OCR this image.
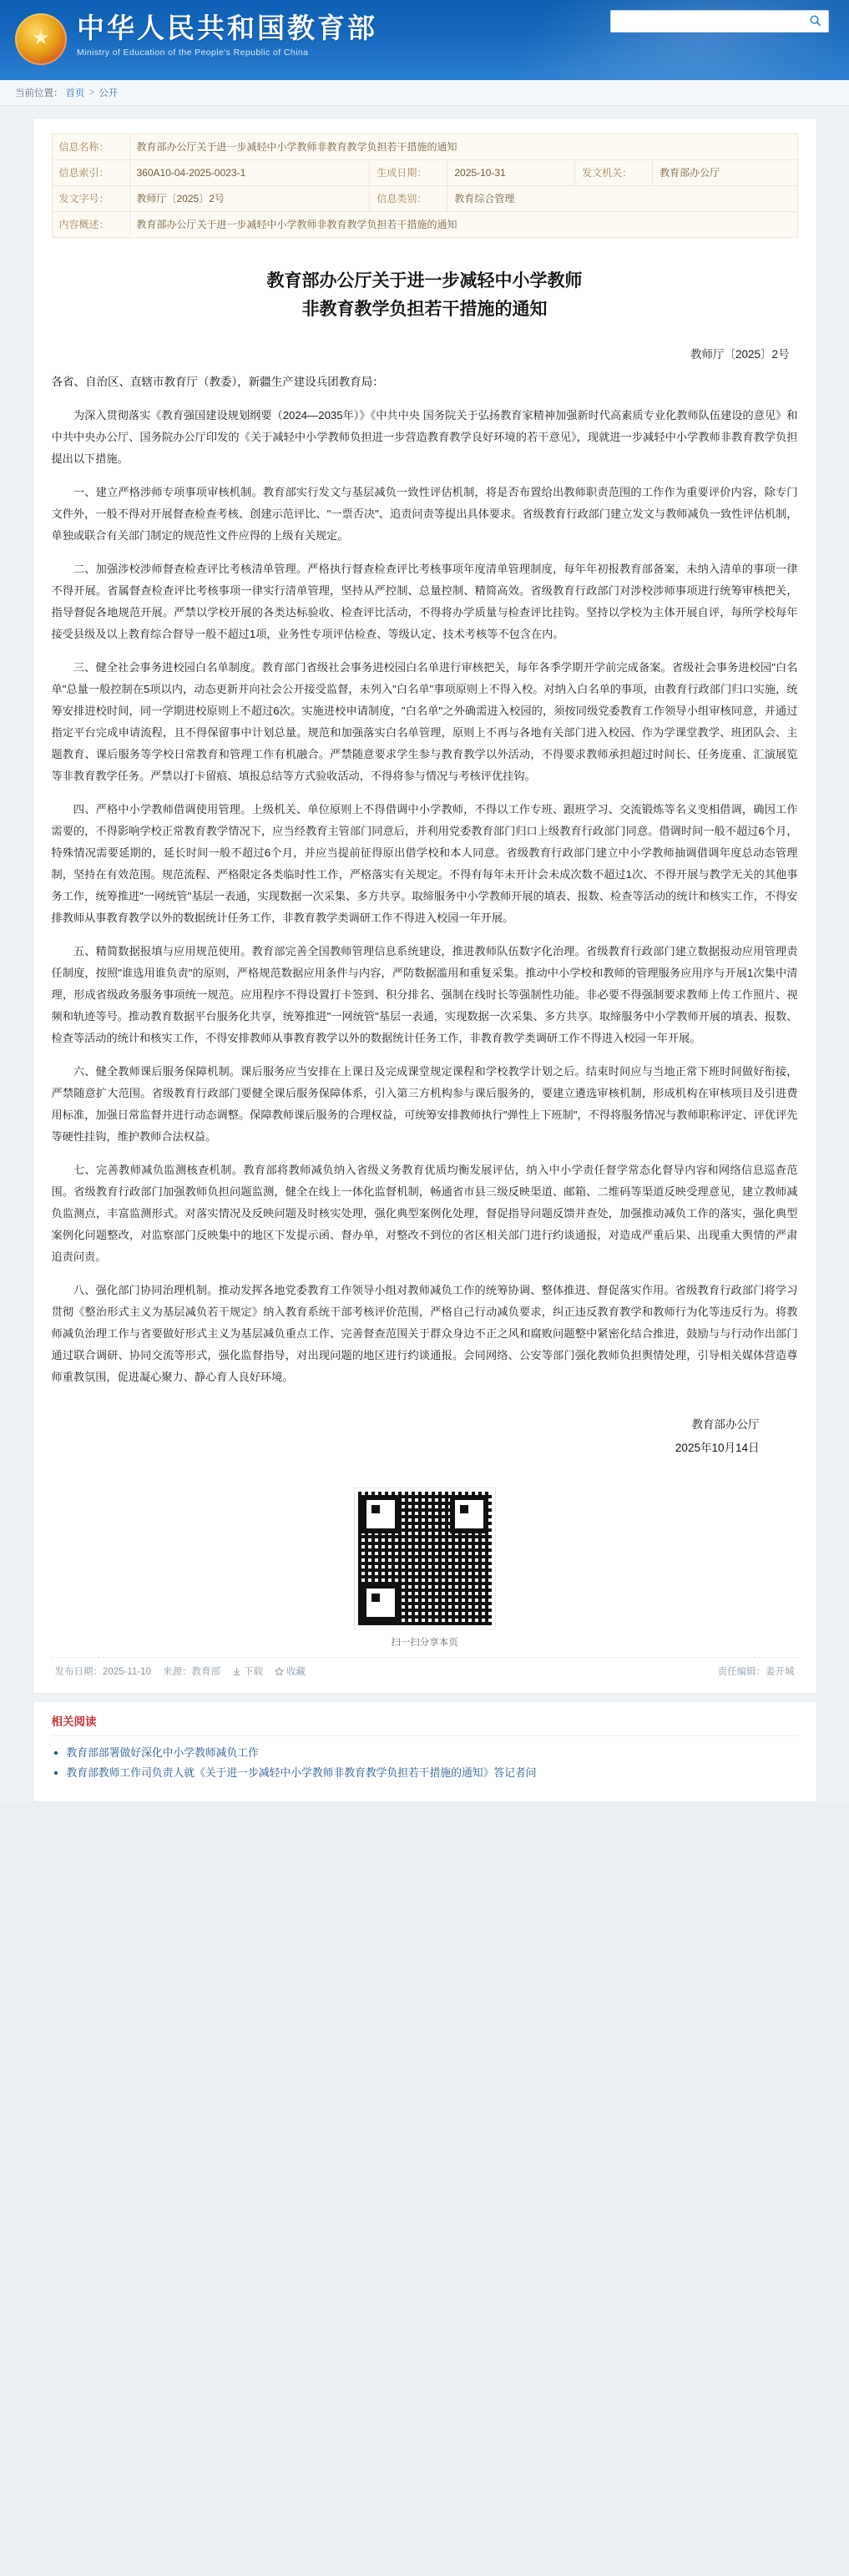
★ 中华人民共和国教育部
Ministry of Education of the People's Republic of China
当前位置： 首页 > 公开
信息名称：	教育部办公厅关于进一步减轻中小学教师非教育教学负担若干措施的通知				
信息索引：	360A10-04-2025-0023-1	生成日期：	2025-10-31	发文机关：	教育部办公厅
发文字号：	教师厅〔2025〕2号	信息类别：	教育综合管理		
内容概述：	教育部办公厅关于进一步减轻中小学教师非教育教学负担若干措施的通知				
教育部办公厅关于进一步减轻中小学教师
非教育教学负担若干措施的通知
教师厅〔2025〕2号
各省、自治区、直辖市教育厅（教委），新疆生产建设兵团教育局：

为深入贯彻落实《教育强国建设规划纲要（2024—2035年）》《中共中央 国务院关于弘扬教育家精神加强新时代高素质专业化教师队伍建设的意见》和中共中央办公厅、国务院办公厅印发的《关于减轻中小学教师负担进一步营造教育教学良好环境的若干意见》，现就进一步减轻中小学教师非教育教学负担提出以下措施。

一、建立严格涉师专项事项审核机制。教育部实行发文与基层减负一致性评估机制，将是否布置给出教师职责范围的工作作为重要评价内容，除专门文件外，一般不得对开展督查检查考核、创建示范评比、"一票否决"、追责问责等提出具体要求。省级教育行政部门建立发文与教师减负一致性评估机制，单独或联合有关部门制定的规范性文件应得的上级有关规定。

二、加强涉校涉师督查检查评比考核清单管理。严格执行督查检查评比考核事项年度清单管理制度，每年年初报教育部备案，未纳入清单的事项一律不得开展。省属督查检查评比考核事项一律实行清单管理，坚持从严控制、总量控制、精简高效。省级教育行政部门对涉校涉师事项进行统筹审核把关，指导督促各地规范开展。严禁以学校开展的各类达标验收、检查评比活动，不得将办学质量与检查评比挂钩。坚持以学校为主体开展自评，每所学校每年接受县级及以上教育综合督导一般不超过1项，业务性专项评估检查、等级认定、技术考核等不包含在内。

三、健全社会事务进校园白名单制度。教育部门省级社会事务进校园白名单进行审核把关，每年各季学期开学前完成备案。省级社会事务进校园"白名单"总量一般控制在5项以内，动态更新并向社会公开接受监督，未列入"白名单"事项原则上不得入校。对纳入白名单的事项，由教育行政部门归口实施，统筹安排进校时间，同一学期进校原则上不超过6次。实施进校申请制度，"白名单"之外确需进入校园的，须按同级党委教育工作领导小组审核同意，并通过指定平台完成申请流程，且不得保留事中计划总量。规范和加强落实白名单管理，原则上不再与各地有关部门进入校园、作为学课堂教学、班团队会、主题教育、课后服务等学校日常教育和管理工作有机融合。严禁随意要求学生参与教育教学以外活动，不得要求教师承担超过时间长、任务庞重、汇演展览等非教育教学任务。严禁以打卡留痕、填报总结等方式验收活动，不得将参与情况与考核评优挂钩。

四、严格中小学教师借调使用管理。上级机关、单位原则上不得借调中小学教师，不得以工作专班、跟班学习、交流锻炼等名义变相借调，确因工作需要的，不得影响学校正常教育教学情况下，应当经教育主管部门同意后，并利用党委教育部门归口上级教育行政部门同意。借调时间一般不超过6个月，特殊情况需要延期的，延长时间一般不超过6个月，并应当提前征得原出借学校和本人同意。省级教育行政部门建立中小学教师抽调借调年度总动态管理制，坚持在有效范围。规范流程、严格限定各类临时性工作，严格落实有关规定。不得有每年未开计会未成次数不超过1次、不得开展与教学无关的其他事务工作，统筹推进"一网统管"基层一表通，实现数据一次采集、多方共享。取缔服务中小学教师开展的填表、报数、检查等活动的统计和核实工作，不得安排教师从事教育教学以外的数据统计任务工作，非教育教学类调研工作不得进入校园一年开展。

五、精简数据报填与应用规范使用。教育部完善全国教师管理信息系统建设，推进教师队伍数字化治理。省级教育行政部门建立数据报动应用管理责任制度，按照"谁选用谁负责"的原则，严格规范数据应用条件与内容，严防数据滥用和重复采集。推动中小学校和教师的管理服务应用序与开展1次集中清理，形成省级政务服务事项统一规范。应用程序不得设置打卡签到、积分排名、强制在线时长等强制性功能。非必要不得强制要求教师上传工作照片、视频和轨迹等号。推动教育数据平台服务化共享，统筹推进"一网统管"基层一表通，实现数据一次采集、多方共享。取缔服务中小学教师开展的填表、报数、检查等活动的统计和核实工作，不得安排教师从事教育教学以外的数据统计任务工作，非教育教学类调研工作不得进入校园一年开展。

六、健全教师课后服务保障机制。课后服务应当安排在上课日及完成课堂规定课程和学校教学计划之后。结束时间应与当地正常下班时间做好衔接，严禁随意扩大范围。省级教育行政部门要健全课后服务保障体系，引入第三方机构参与课后服务的，要建立遴选审核机制，形成机构在审核项目及引进费用标准，加强日常监督并进行动态调整。保障教师课后服务的合理权益，可统筹安排教师执行"弹性上下班制"，不得将服务情况与教师职称评定、评优评先等硬性挂钩，维护教师合法权益。

七、完善教师减负监测核查机制。教育部将教师减负纳入省级义务教育优质均衡发展评估，纳入中小学责任督学常态化督导内容和网络信息巡查范围。省级教育行政部门加强教师负担问题监测，健全在线上一体化监督机制，畅通省市县三级反映渠道、邮箱、二维码等渠道反映受理意见，建立教师减负监测点，丰富监测形式。对落实情况及反映问题及时核实处理，强化典型案例化处理，督促指导问题反馈并查处，加强推动减负工作的落实，强化典型案例化问题整改，对监察部门反映集中的地区下发提示函、督办单，对整改不到位的省区相关部门进行约谈通报，对造成严重后果、出现重大舆情的严肃追责问责。

八、强化部门协同治理机制。推动发挥各地党委教育工作领导小组对教师减负工作的统筹协调、整体推进、督促落实作用。省级教育行政部门将学习贯彻《整治形式主义为基层减负若干规定》纳入教育系统干部考核评价范围，严格自己行动减负要求，纠正违反教育教学和教师行为化等违反行为。将教师减负治理工作与省要做好形式主义为基层减负重点工作、完善督查范围关于群众身边不正之风和腐败问题整中紧密化结合推进，鼓励与与行动作出部门通过联合调研、协同交流等形式，强化监督指导，对出现问题的地区进行约谈通报。会同网络、公安等部门强化教师负担舆情处理，引导相关媒体营造尊师重教氛围，促进凝心聚力、静心育人良好环境。

教育部办公厅
2025年10月14日
扫一扫分享本页
发布日期：2025-11-10 来源：教育部 下载 收藏	责任编辑：姜开城
相关阅读
• 教育部部署做好深化中小学教师减负工作
• 教育部教师工作司负责人就《关于进一步减轻中小学教师非教育教学负担若干措施的通知》答记者问
